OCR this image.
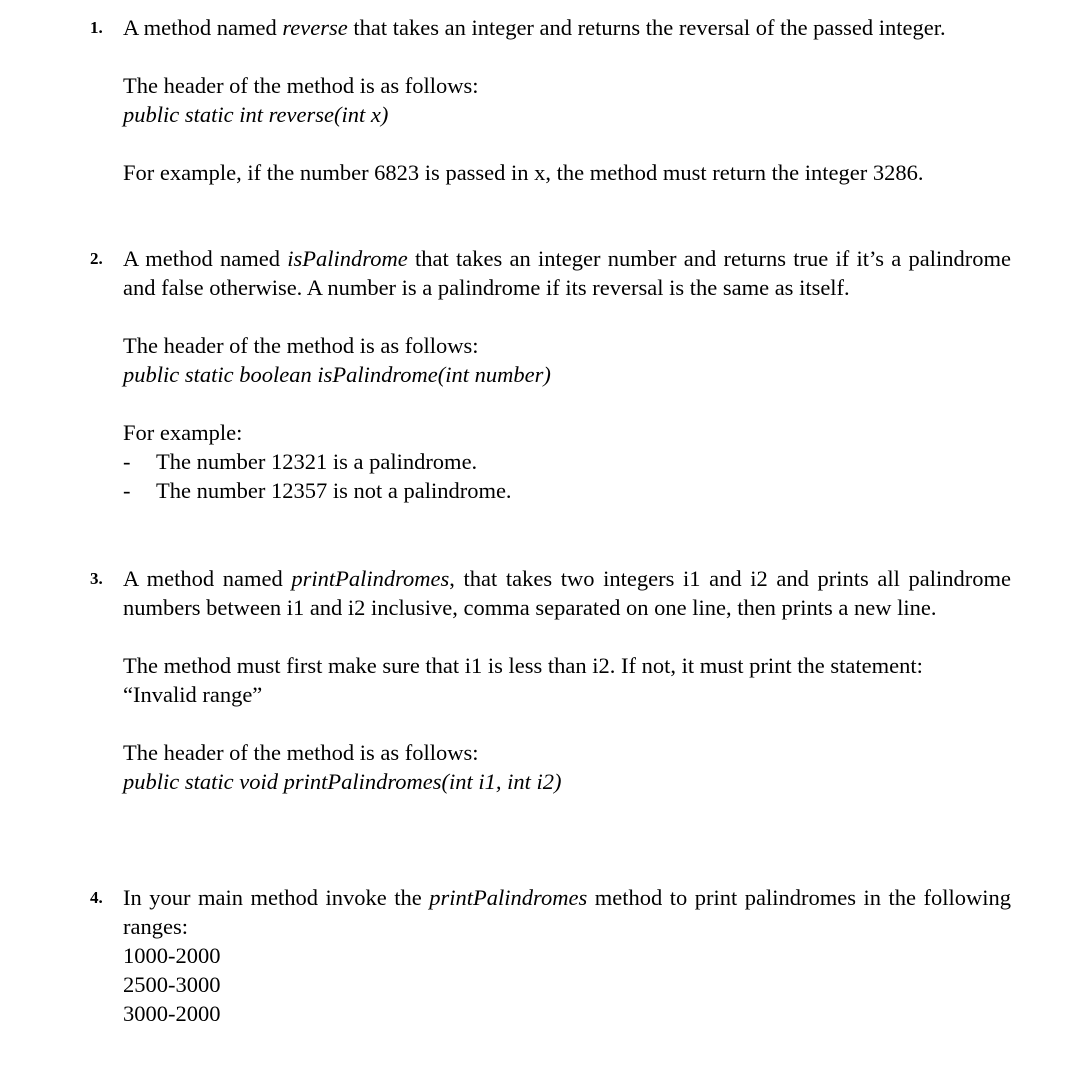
1. A method named reverse that takes an integer and returns the reversal of the passed integer.

The header of the method is as follows:

public static int reverse(int x)

For example, if the number 6823 is passed in x, the method must return the integer 3286.

2. A method named isPalindrome that takes an integer number and returns true if it’s a palindrome and false otherwise. A number is a palindrome if its reversal is the same as itself.

The header of the method is as follows:

public static boolean isPalindrome(int number)

For example:

- The number 12321 is a palindrome.
- The number 12357 is not a palindrome.
3. A method named printPalindromes, that takes two integers i1 and i2 and prints all palindrome numbers between i1 and i2 inclusive, comma separated on one line, then prints a new line.

The method must first make sure that i1 is less than i2. If not, it must print the statement:

“Invalid range”

The header of the method is as follows:

public static void printPalindromes(int i1, int i2)

4. In your main method invoke the printPalindromes method to print palindromes in the following ranges:

1000-2000

2500-3000

3000-2000
